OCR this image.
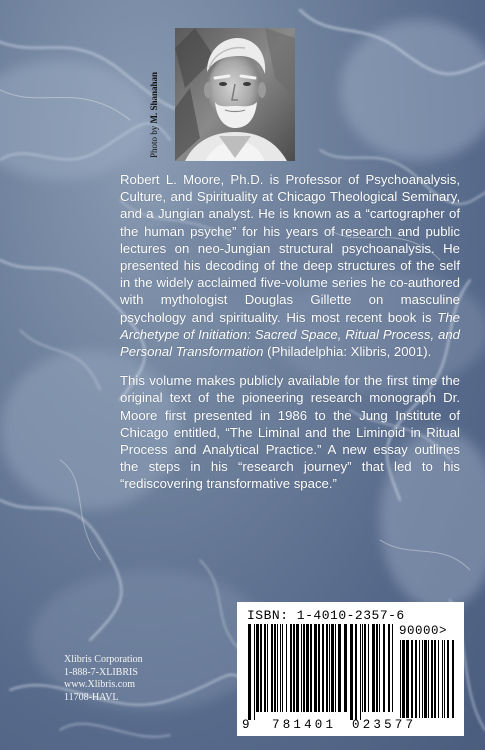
Photo by M. Shanahan

Robert L. Moore, Ph.D. is Professor of Psychoanalysis, Culture, and Spirituality at Chicago Theological Seminary, and a Jungian analyst. He is known as a “cartographer of the human psyche” for his years of research and public lectures on neo-Jungian structural psychoanalysis. He presented his decoding of the deep structures of the self in the widely acclaimed five-volume series he co-authored with mythologist Douglas Gillette on masculine psychology and spirituality. His most recent book is The Archetype of Initiation: Sacred Space, Ritual Process, and Personal Transformation (Philadelphia: Xlibris, 2001).

This volume makes publicly available for the first time the original text of the pioneering research monograph Dr. Moore first presented in 1986 to the Jung Institute of Chicago entitled, “The Liminal and the Liminoid in Ritual Process and Analytical Practice.” A new essay outlines the steps in his “research journey” that led to his “rediscovering transformative space.”

Xlibris Corporation
1-888-7-XLIBRIS
www.Xlibris.com
11708-HAVL
ISBN: 1-4010-2357-6
90000>
9 781401 023577
